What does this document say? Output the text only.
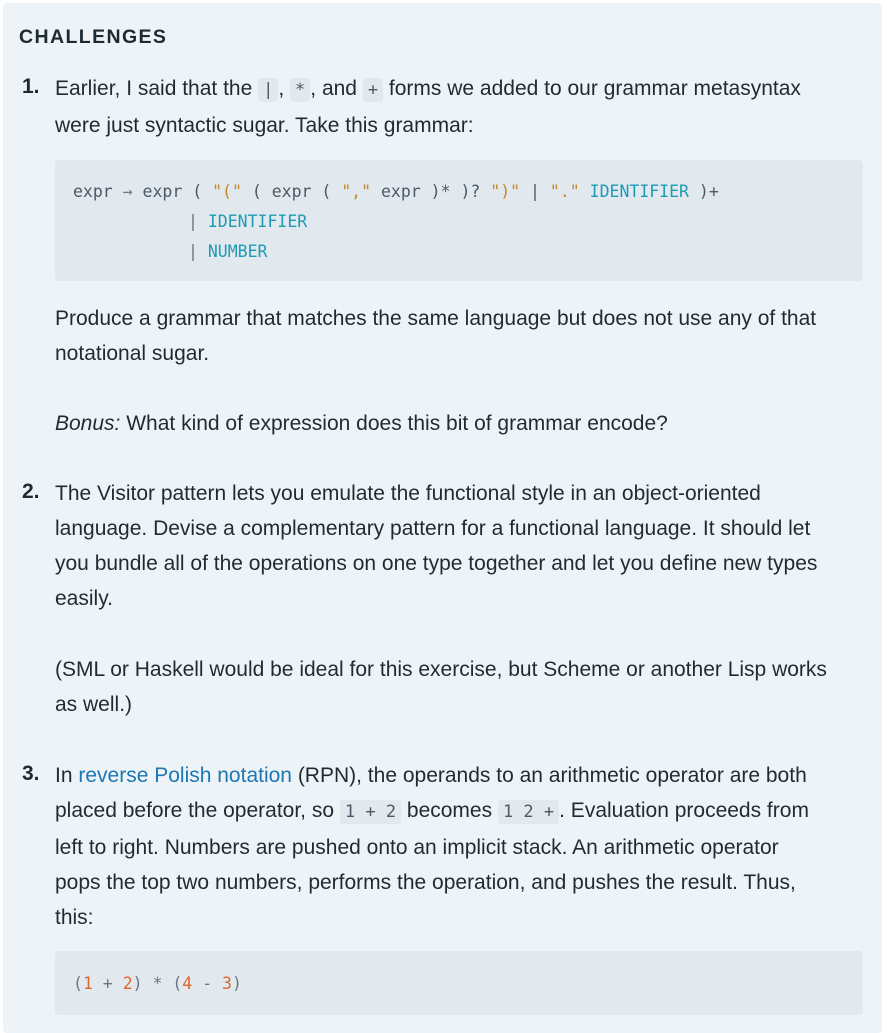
CHALLENGES
1. Earlier, I said that the | , * , and + forms we added to our grammar metasyntax
were just syntactic sugar. Take this grammar:

expr → expr ( "(" ( expr ( "," expr )* )? ")" | "." IDENTIFIER )+

| IDENTIFIER

| NUMBER

Produce a grammar that matches the same language but does not use any of that
notational sugar.
Bonus: What kind of expression does this bit of grammar encode?
2. The Visitor pattern lets you emulate the functional style in an object-oriented
language. Devise a complementary pattern for a functional language. It should let
you bundle all of the operations on one type together and let you define new types
easily.
(SML or Haskell would be ideal for this exercise, but Scheme or another Lisp works
as well.)
3. In reverse Polish notation (RPN), the operands to an arithmetic operator are both
placed before the operator, so 1 + 2 becomes 1 2 + . Evaluation proceeds from
left to right. Numbers are pushed onto an implicit stack. An arithmetic operator
pops the top two numbers, performs the operation, and pushes the result. Thus,
this:

(1 + 2) * (4 - 3)
